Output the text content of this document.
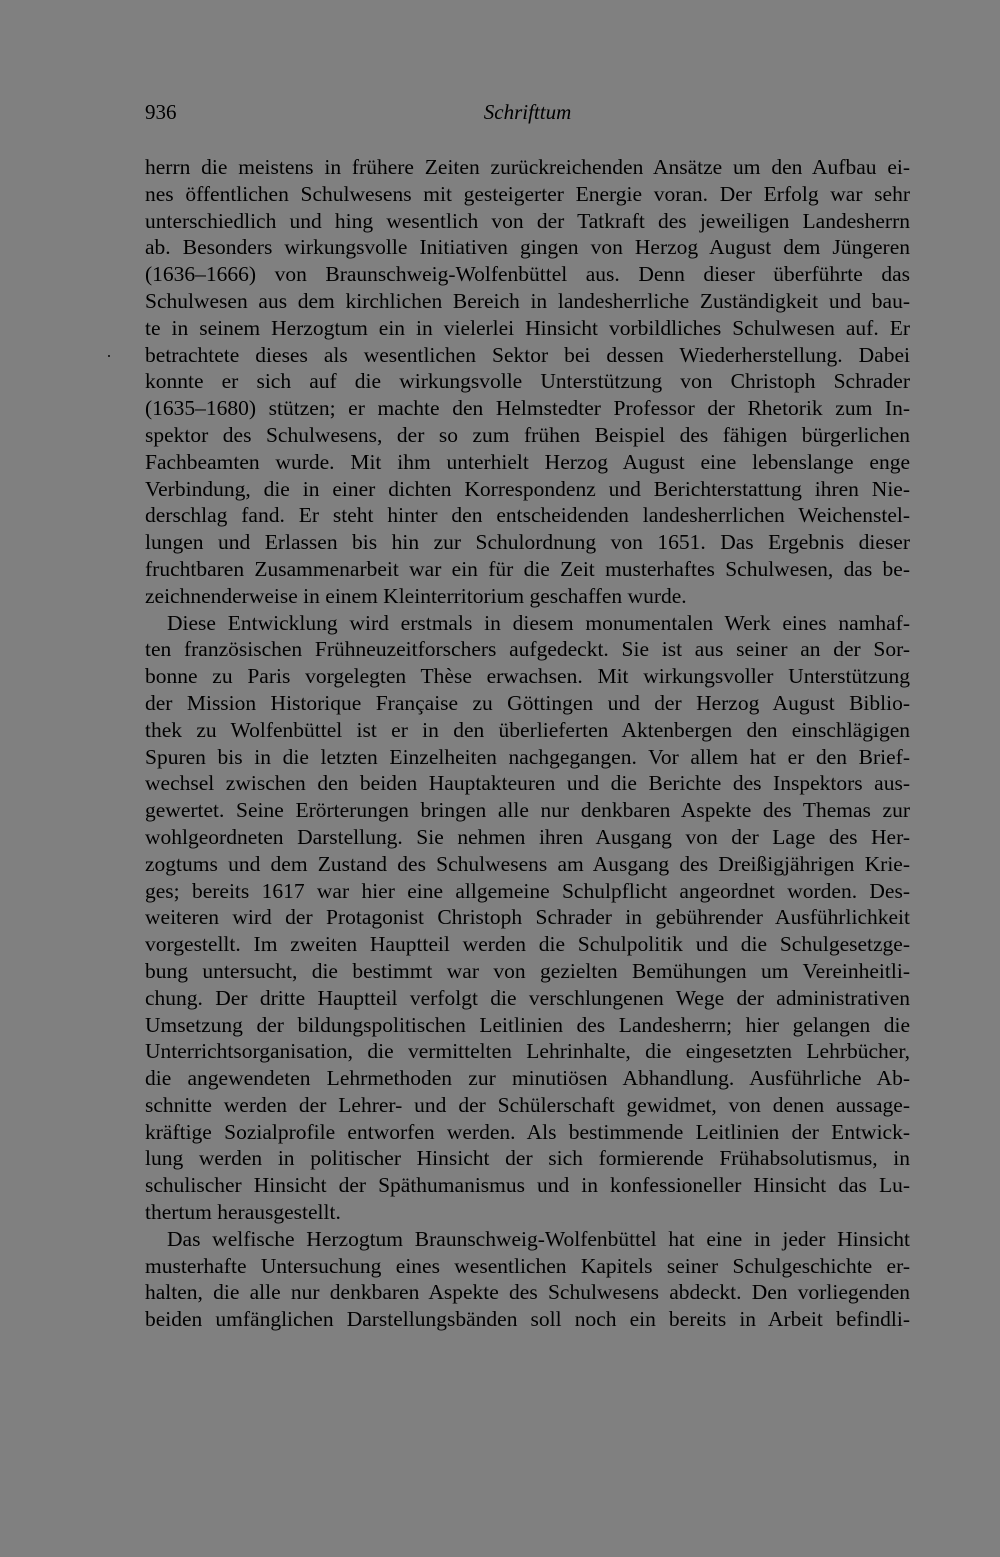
936	Schrifttum
herrn die meistens in frühere Zeiten zurückreichenden Ansätze um den Aufbau ei-
nes öffentlichen Schulwesens mit gesteigerter Energie voran. Der Erfolg war sehr
unterschiedlich und hing wesentlich von der Tatkraft des jeweiligen Landesherrn
ab. Besonders wirkungsvolle Initiativen gingen von Herzog August dem Jüngeren
(1636–1666) von Braunschweig-Wolfenbüttel aus. Denn dieser überführte das
Schulwesen aus dem kirchlichen Bereich in landesherrliche Zuständigkeit und bau-
te in seinem Herzogtum ein in vielerlei Hinsicht vorbildliches Schulwesen auf. Er
betrachtete dieses als wesentlichen Sektor bei dessen Wiederherstellung. Dabei
konnte er sich auf die wirkungsvolle Unterstützung von Christoph Schrader
(1635–1680) stützen; er machte den Helmstedter Professor der Rhetorik zum In-
spektor des Schulwesens, der so zum frühen Beispiel des fähigen bürgerlichen
Fachbeamten wurde. Mit ihm unterhielt Herzog August eine lebenslange enge
Verbindung, die in einer dichten Korrespondenz und Berichterstattung ihren Nie-
derschlag fand. Er steht hinter den entscheidenden landesherrlichen Weichenstel-
lungen und Erlassen bis hin zur Schulordnung von 1651. Das Ergebnis dieser
fruchtbaren Zusammenarbeit war ein für die Zeit musterhaftes Schulwesen, das be-
zeichnenderweise in einem Kleinterritorium geschaffen wurde.
Diese Entwicklung wird erstmals in diesem monumentalen Werk eines namhaf-
ten französischen Frühneuzeitforschers aufgedeckt. Sie ist aus seiner an der Sor-
bonne zu Paris vorgelegten Thèse erwachsen. Mit wirkungsvoller Unterstützung
der Mission Historique Française zu Göttingen und der Herzog August Biblio-
thek zu Wolfenbüttel ist er in den überlieferten Aktenbergen den einschlägigen
Spuren bis in die letzten Einzelheiten nachgegangen. Vor allem hat er den Brief-
wechsel zwischen den beiden Hauptakteuren und die Berichte des Inspektors aus-
gewertet. Seine Erörterungen bringen alle nur denkbaren Aspekte des Themas zur
wohlgeordneten Darstellung. Sie nehmen ihren Ausgang von der Lage des Her-
zogtums und dem Zustand des Schulwesens am Ausgang des Dreißigjährigen Krie-
ges; bereits 1617 war hier eine allgemeine Schulpflicht angeordnet worden. Des-
weiteren wird der Protagonist Christoph Schrader in gebührender Ausführlichkeit
vorgestellt. Im zweiten Hauptteil werden die Schulpolitik und die Schulgesetzge-
bung untersucht, die bestimmt war von gezielten Bemühungen um Vereinheitli-
chung. Der dritte Hauptteil verfolgt die verschlungenen Wege der administrativen
Umsetzung der bildungspolitischen Leitlinien des Landesherrn; hier gelangen die
Unterrichtsorganisation, die vermittelten Lehrinhalte, die eingesetzten Lehrbücher,
die angewendeten Lehrmethoden zur minutiösen Abhandlung. Ausführliche Ab-
schnitte werden der Lehrer- und der Schülerschaft gewidmet, von denen aussage-
kräftige Sozialprofile entworfen werden. Als bestimmende Leitlinien der Entwick-
lung werden in politischer Hinsicht der sich formierende Frühabsolutismus, in
schulischer Hinsicht der Späthumanismus und in konfessioneller Hinsicht das Lu-
thertum herausgestellt.
Das welfische Herzogtum Braunschweig-Wolfenbüttel hat eine in jeder Hinsicht
musterhafte Untersuchung eines wesentlichen Kapitels seiner Schulgeschichte er-
halten, die alle nur denkbaren Aspekte des Schulwesens abdeckt. Den vorliegenden
beiden umfänglichen Darstellungsbänden soll noch ein bereits in Arbeit befindli-
